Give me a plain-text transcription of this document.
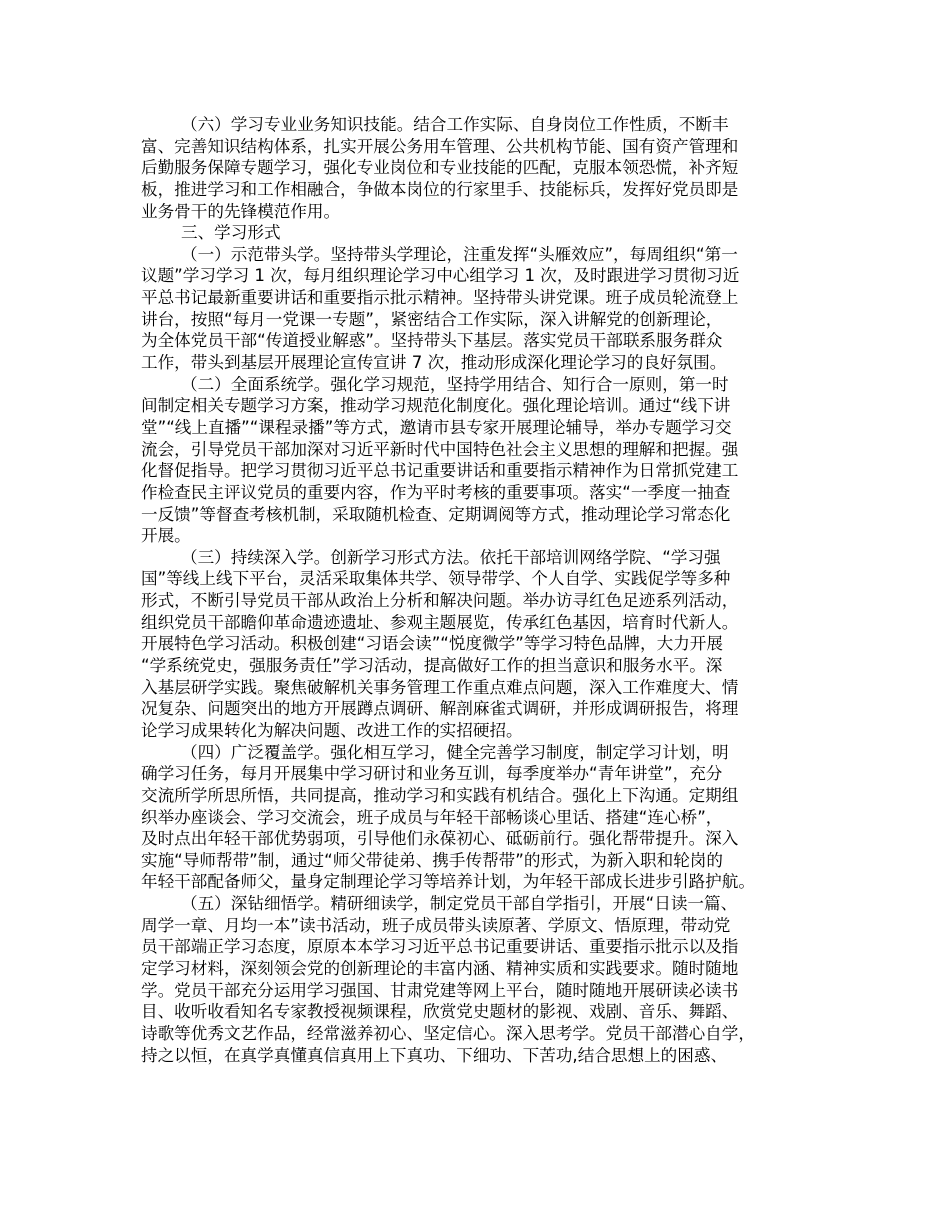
（六）学习专业业务知识技能。结合工作实际、自身岗位工作性质，不断丰
富、完善知识结构体系，扎实开展公务用车管理、公共机构节能、国有资产管理和
后勤服务保障专题学习，强化专业岗位和专业技能的匹配，克服本领恐慌，补齐短
板，推进学习和工作相融合，争做本岗位的行家里手、技能标兵，发挥好党员即是
业务骨干的先锋模范作用。
三、学习形式
（一）示范带头学。坚持带头学理论，注重发挥“头雁效应”，每周组织“第一
议题”学习学习 1 次，每月组织理论学习中心组学习 1 次，及时跟进学习贯彻习近
平总书记最新重要讲话和重要指示批示精神。坚持带头讲党课。班子成员轮流登上
讲台，按照“每月一党课一专题”，紧密结合工作实际，深入讲解党的创新理论，
为全体党员干部“传道授业解惑”。坚持带头下基层。落实党员干部联系服务群众
工作，带头到基层开展理论宣传宣讲 7 次，推动形成深化理论学习的良好氛围。
（二）全面系统学。强化学习规范，坚持学用结合、知行合一原则，第一时
间制定相关专题学习方案，推动学习规范化制度化。强化理论培训。通过“线下讲
堂”“线上直播”“课程录播”等方式，邀请市县专家开展理论辅导，举办专题学习交
流会，引导党员干部加深对习近平新时代中国特色社会主义思想的理解和把握。强
化督促指导。把学习贯彻习近平总书记重要讲话和重要指示精神作为日常抓党建工
作检查民主评议党员的重要内容，作为平时考核的重要事项。落实“一季度一抽查
一反馈”等督查考核机制，采取随机检查、定期调阅等方式，推动理论学习常态化
开展。
（三）持续深入学。创新学习形式方法。依托干部培训网络学院、“学习强
国”等线上线下平台，灵活采取集体共学、领导带学、个人自学、实践促学等多种
形式，不断引导党员干部从政治上分析和解决问题。举办访寻红色足迹系列活动，
组织党员干部瞻仰革命遗迹遗址、参观主题展览，传承红色基因，培育时代新人。
开展特色学习活动。积极创建“习语会读”“悦度微学”等学习特色品牌，大力开展
“学系统党史，强服务责任”学习活动，提高做好工作的担当意识和服务水平。深
入基层研学实践。聚焦破解机关事务管理工作重点难点问题，深入工作难度大、情
况复杂、问题突出的地方开展蹲点调研、解剖麻雀式调研，并形成调研报告，将理
论学习成果转化为解决问题、改进工作的实招硬招。
（四）广泛覆盖学。强化相互学习，健全完善学习制度，制定学习计划，明
确学习任务，每月开展集中学习研讨和业务互训，每季度举办“青年讲堂”，充分
交流所学所思所悟，共同提高，推动学习和实践有机结合。强化上下沟通。定期组
织举办座谈会、学习交流会，班子成员与年轻干部畅谈心里话、搭建“连心桥”，
及时点出年轻干部优势弱项，引导他们永葆初心、砥砺前行。强化帮带提升。深入
实施“导师帮带”制，通过“师父带徒弟、携手传帮带”的形式，为新入职和轮岗的
年轻干部配备师父，量身定制理论学习等培养计划，为年轻干部成长进步引路护航。
（五）深钻细悟学。精研细读学，制定党员干部自学指引，开展“日读一篇、
周学一章、月均一本”读书活动，班子成员带头读原著、学原文、悟原理，带动党
员干部端正学习态度，原原本本学习习近平总书记重要讲话、重要指示批示以及指
定学习材料，深刻领会党的创新理论的丰富内涵、精神实质和实践要求。随时随地
学。党员干部充分运用学习强国、甘肃党建等网上平台，随时随地开展研读必读书
目、收听收看知名专家教授视频课程，欣赏党史题材的影视、戏剧、音乐、舞蹈、
诗歌等优秀文艺作品，经常滋养初心、坚定信心。深入思考学。党员干部潜心自学，
持之以恒，在真学真懂真信真用上下真功、下细功、下苦功,结合思想上的困惑、
